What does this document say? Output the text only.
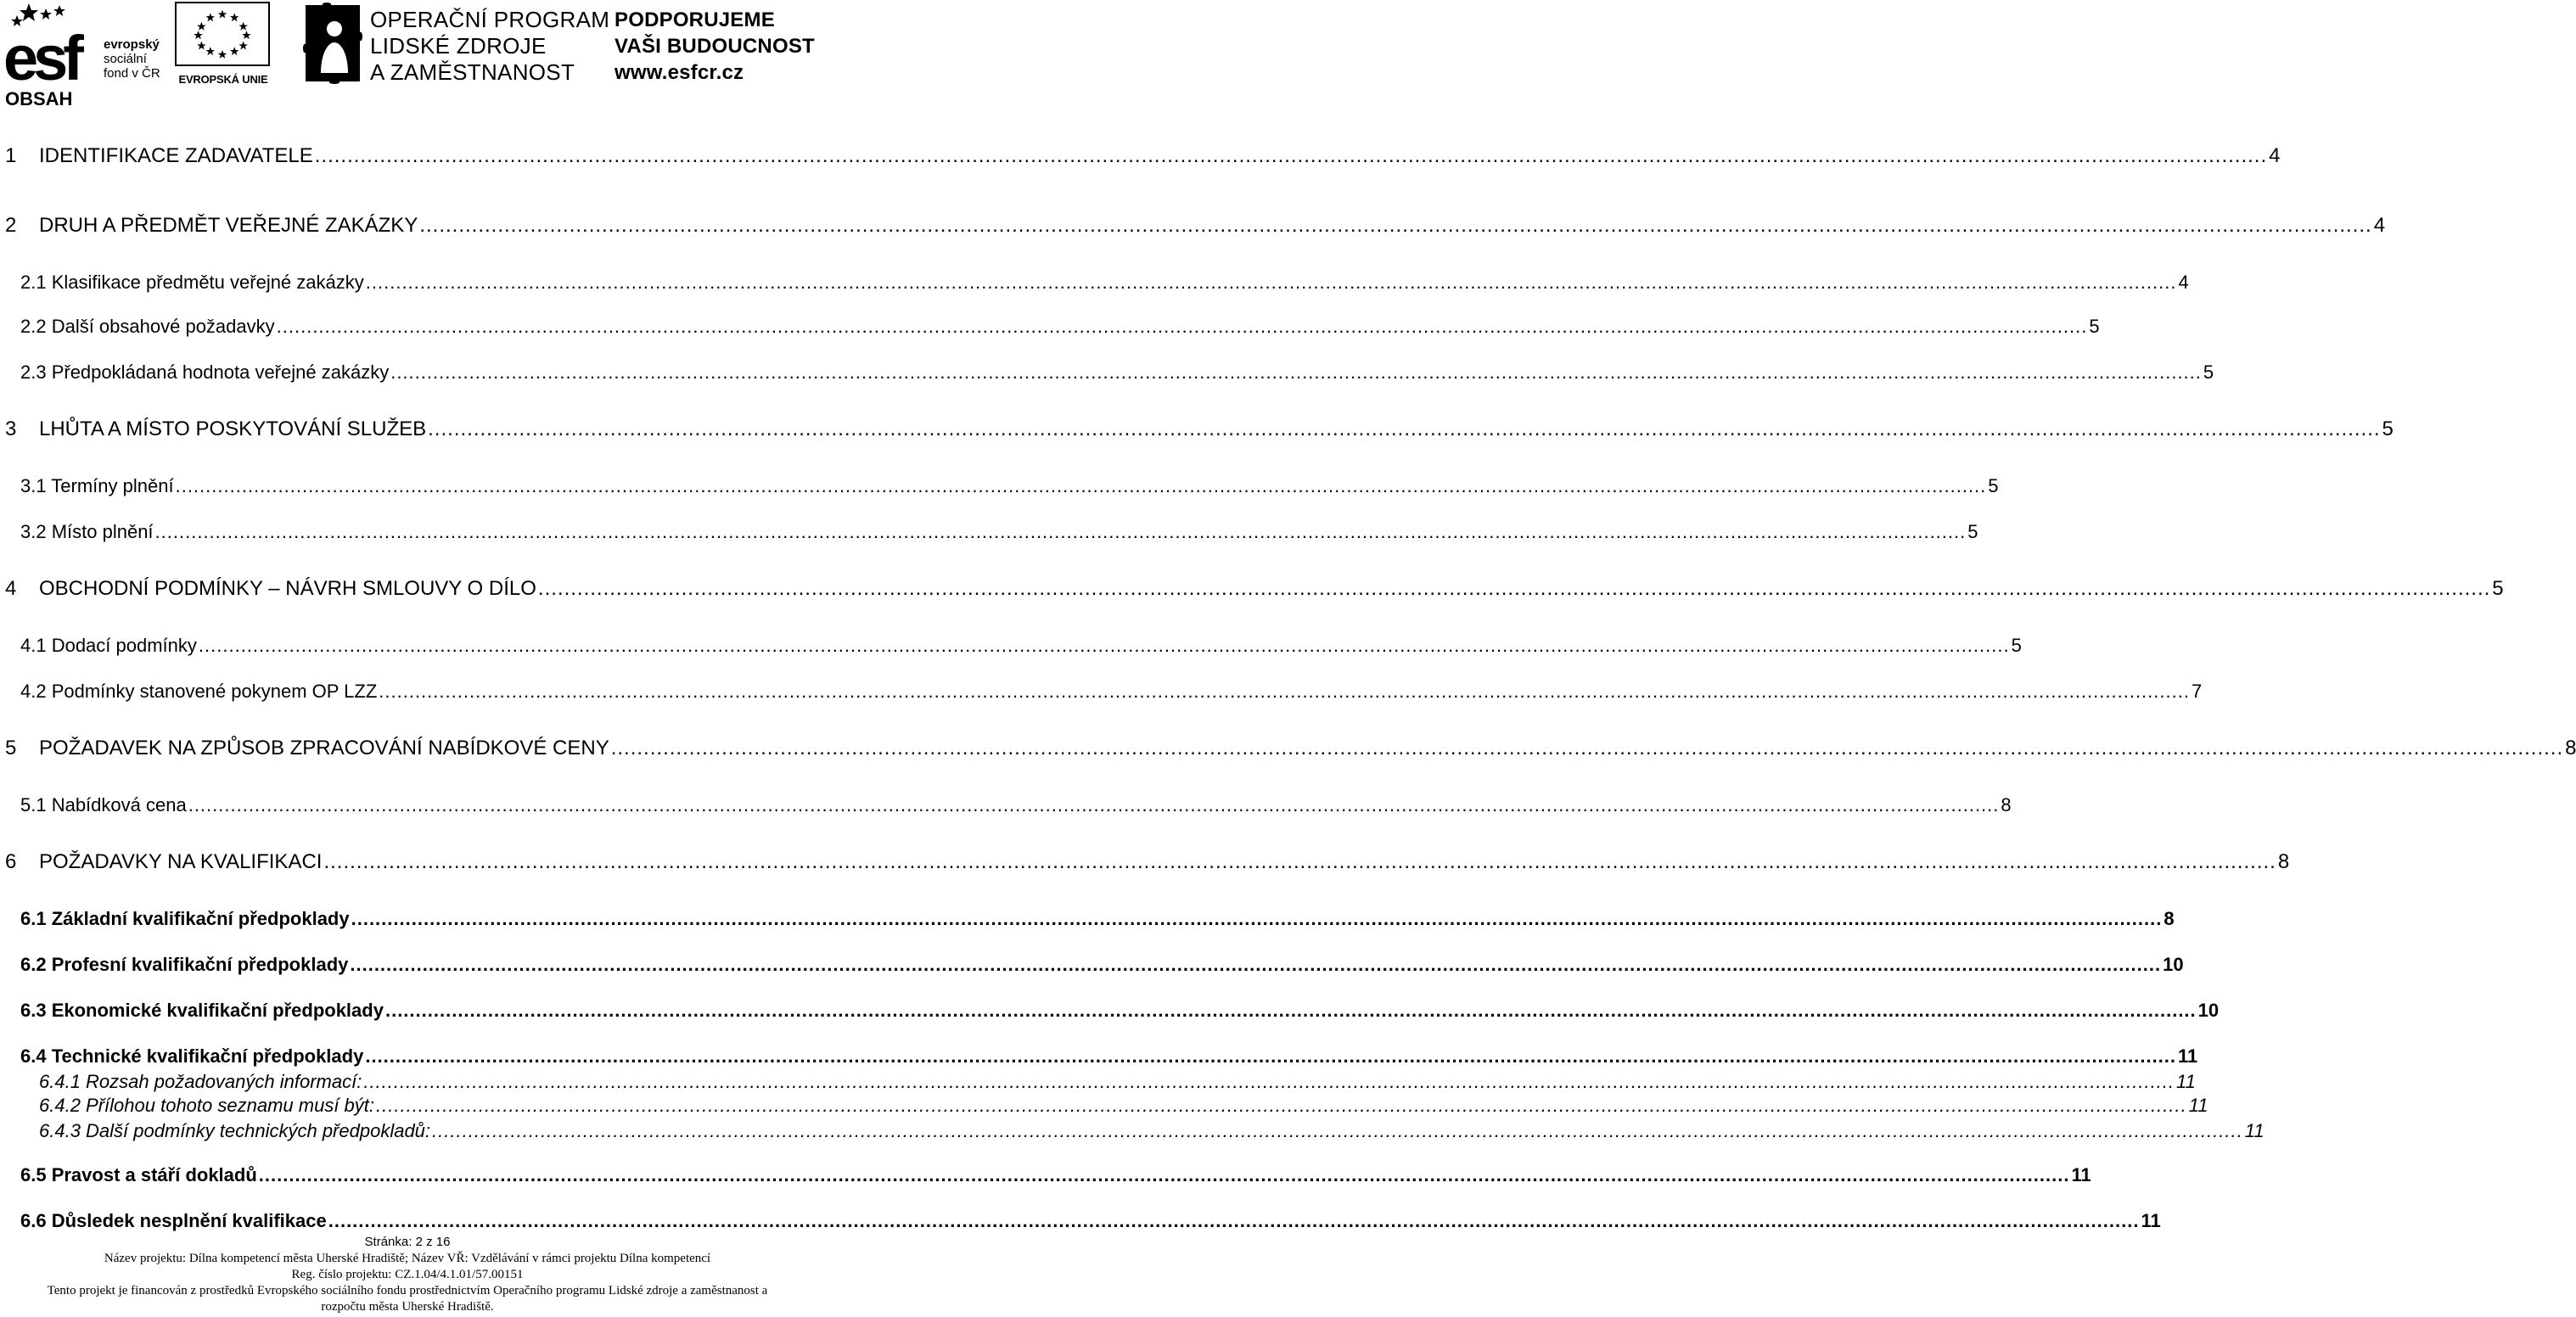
esf	evropský
sociální
fond v ČR	EVROPSKÁ UNIE
OPERAČNÍ PROGRAM
LIDSKÉ ZDROJE
A ZAMĚSTNANOST
PODPORUJEME
VAŠI BUDOUCNOST
www.esfcr.cz
OBSAH
1	IDENTIFIKACE ZADAVATELE ............................................................................................................................................................................................................................................................................................................ 4
2	DRUH A PŘEDMĚT VEŘEJNÉ ZAKÁZKY ............................................................................................................................................................................................................................................................................................................ 4
2.1 Klasifikace předmětu veřejné zakázky ............................................................................................................................................................................................................................................................................................................ 4
2.2 Další obsahové požadavky ............................................................................................................................................................................................................................................................................................................ 5
2.3 Předpokládaná hodnota veřejné zakázky ............................................................................................................................................................................................................................................................................................................ 5
3	LHŮTA A MÍSTO POSKYTOVÁNÍ SLUŽEB ............................................................................................................................................................................................................................................................................................................ 5
3.1 Termíny plnění ............................................................................................................................................................................................................................................................................................................ 5
3.2 Místo plnění ............................................................................................................................................................................................................................................................................................................ 5
4	OBCHODNÍ PODMÍNKY – NÁVRH SMLOUVY O DÍLO ............................................................................................................................................................................................................................................................................................................ 5
4.1 Dodací podmínky ............................................................................................................................................................................................................................................................................................................ 5
4.2 Podmínky stanovené pokynem OP LZZ ............................................................................................................................................................................................................................................................................................................ 7
5	POŽADAVEK NA ZPŮSOB ZPRACOVÁNÍ NABÍDKOVÉ CENY ............................................................................................................................................................................................................................................................................................................ 8
5.1 Nabídková cena ............................................................................................................................................................................................................................................................................................................ 8
6	POŽADAVKY NA KVALIFIKACI ............................................................................................................................................................................................................................................................................................................ 8
6.1 Základní kvalifikační předpoklady ............................................................................................................................................................................................................................................................................................................ 8
6.2 Profesní kvalifikační předpoklady ............................................................................................................................................................................................................................................................................................................ 10
6.3 Ekonomické kvalifikační předpoklady ............................................................................................................................................................................................................................................................................................................ 10
6.4 Technické kvalifikační předpoklady ............................................................................................................................................................................................................................................................................................................ 11
6.4.1 Rozsah požadovaných informací: ............................................................................................................................................................................................................................................................................................................ 11
6.4.2 Přílohou tohoto seznamu musí být: ............................................................................................................................................................................................................................................................................................................ 11
6.4.3 Další podmínky technických předpokladů: ............................................................................................................................................................................................................................................................................................................ 11
6.5 Pravost a stáří dokladů ............................................................................................................................................................................................................................................................................................................ 11
6.6 Důsledek nesplnění kvalifikace ............................................................................................................................................................................................................................................................................................................ 11
Stránka: 2 z 16
Název projektu: Dílna kompetencí města Uherské Hradiště; Název VŘ: Vzdělávání v rámci projektu Dílna kompetencí
Reg. číslo projektu: CZ.1.04/4.1.01/57.00151
Tento projekt je financován z prostředků Evropského sociálního fondu prostřednictvím Operačního programu Lidské zdroje a zaměstnanost a
rozpočtu města Uherské Hradiště.
